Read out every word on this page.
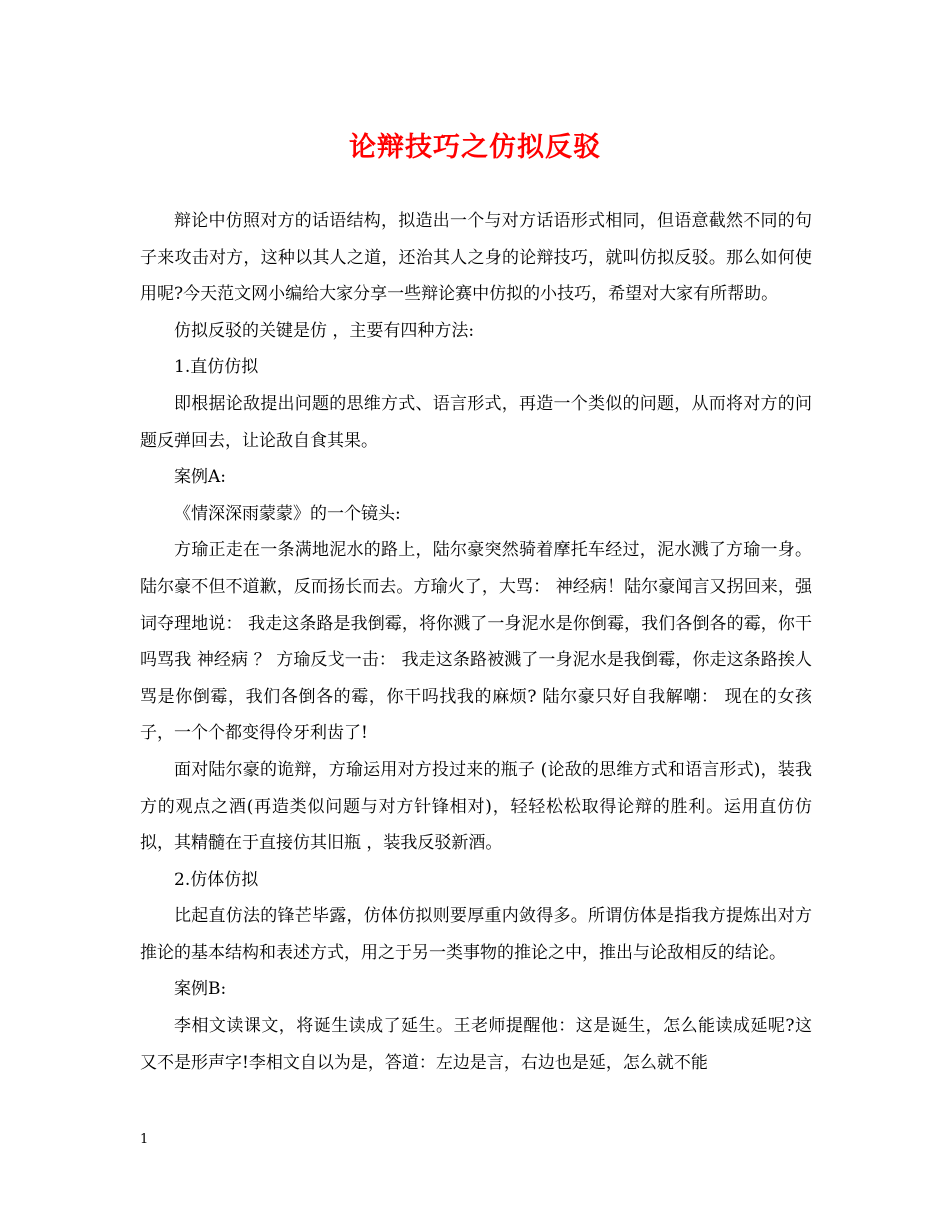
论辩技巧之仿拟反驳

辩论中仿照对方的话语结构，拟造出一个与对方话语形式相同，但语意截然不同的句子来攻击对方，这种以其人之道，还治其人之身的论辩技巧，就叫仿拟反驳。那么如何使用呢?今天范文网小编给大家分享一些辩论赛中仿拟的小技巧，希望对大家有所帮助。

仿拟反驳的关键是仿 ，主要有四种方法:

1.直仿仿拟

即根据论敌提出问题的思维方式、语言形式，再造一个类似的问题，从而将对方的问题反弹回去，让论敌自食其果。

案例A:

《情深深雨蒙蒙》的一个镜头:

方瑜正走在一条满地泥水的路上，陆尔豪突然骑着摩托车经过，泥水溅了方瑜一身。陆尔豪不但不道歉，反而扬长而去。方瑜火了，大骂： 神经病！陆尔豪闻言又拐回来，强词夺理地说： 我走这条路是我倒霉，将你溅了一身泥水是你倒霉，我们各倒各的霉，你干吗骂我 神经病 ？ 方瑜反戈一击： 我走这条路被溅了一身泥水是我倒霉，你走这条路挨人骂是你倒霉，我们各倒各的霉，你干吗找我的麻烦? 陆尔豪只好自我解嘲： 现在的女孩子，一个个都变得伶牙利齿了!

面对陆尔豪的诡辩，方瑜运用对方投过来的瓶子 (论敌的思维方式和语言形式)，装我方的观点之酒(再造类似问题与对方针锋相对)，轻轻松松取得论辩的胜利。运用直仿仿拟，其精髓在于直接仿其旧瓶 ，装我反驳新酒。

2.仿体仿拟

比起直仿法的锋芒毕露，仿体仿拟则要厚重内敛得多。所谓仿体是指我方提炼出对方推论的基本结构和表述方式，用之于另一类事物的推论之中，推出与论敌相反的结论。

案例B:

李相文读课文，将诞生读成了延生。王老师提醒他：这是诞生，怎么能读成延呢?这又不是形声字!李相文自以为是，答道：左边是言，右边也是延，怎么就不能

1
